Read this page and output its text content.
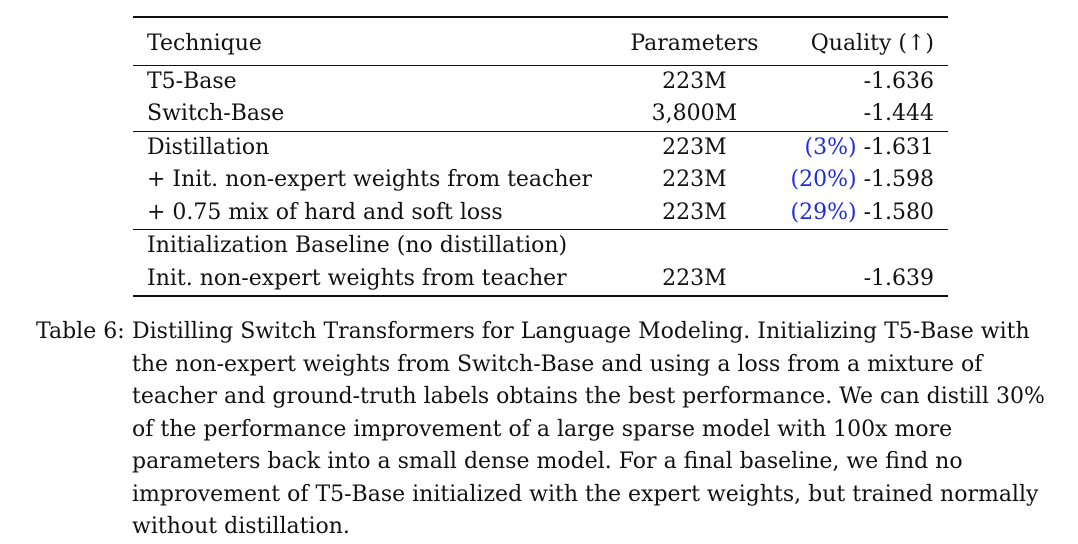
Technique	Parameters	Quality (↑)
T5-Base	223M	-1.636
Switch-Base	3,800M	-1.444
Distillation	223M	(3%) -1.631
+ Init. non-expert weights from teacher	223M	(20%) -1.598
+ 0.75 mix of hard and soft loss	223M	(29%) -1.580
Initialization Baseline (no distillation)		
Init. non-expert weights from teacher	223M	-1.639
Table 6: Distilling Switch Transformers for Language Modeling. Initializing T5-Base with the non-expert weights from Switch-Base and using a loss from a mixture of teacher and ground-truth labels obtains the best performance. We can distill 30% of the performance improvement of a large sparse model with 100x more parameters back into a small dense model. For a final baseline, we find no improvement of T5-Base initialized with the expert weights, but trained normally without distillation.
